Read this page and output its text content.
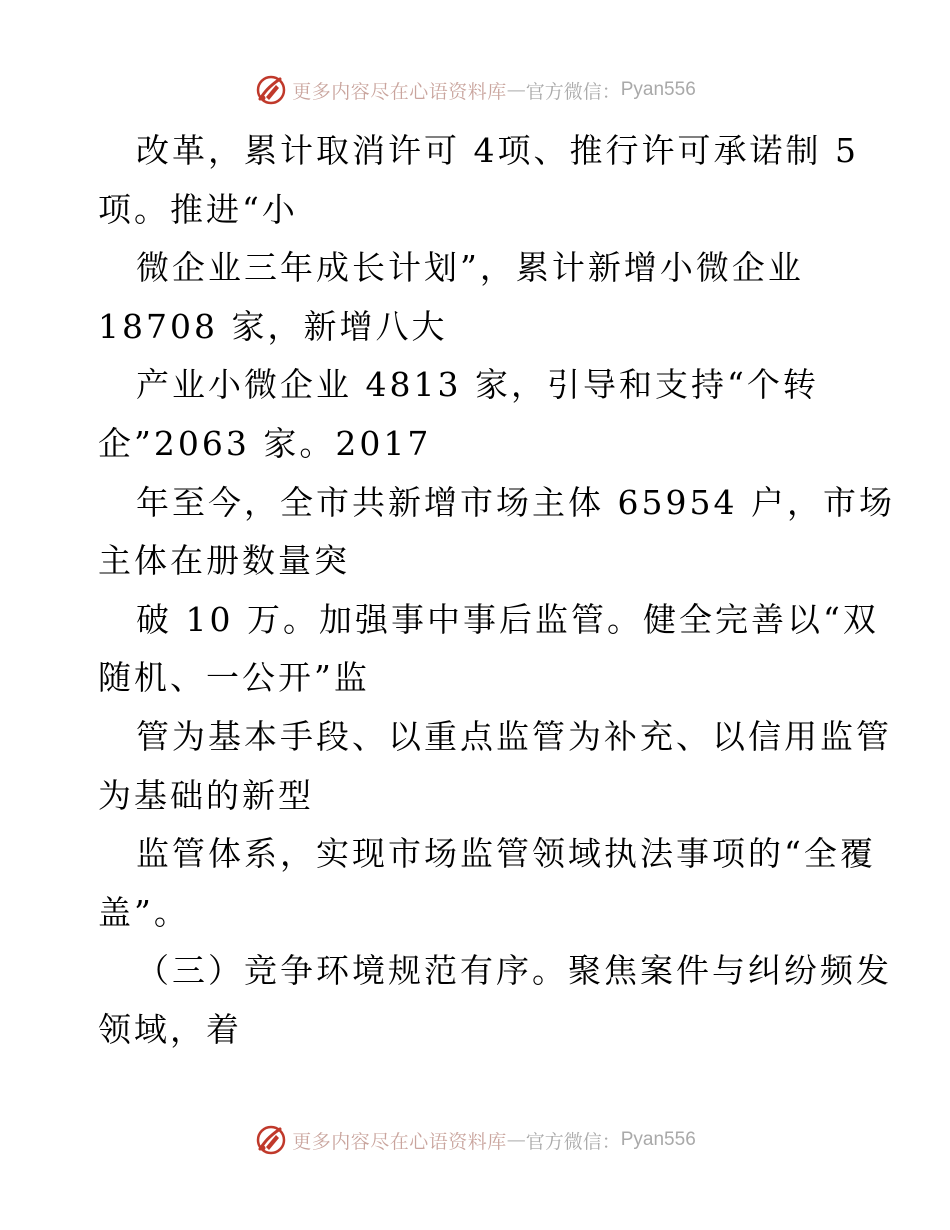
更多内容尽在心语资料库 — 官方微信： Pyan556
改革，累计取消许可 4项、推行许可承诺制 5
项。推进“小
微企业三年成长计划”，累计新增小微企业
18708 家，新增八大
产业小微企业 4813 家，引导和支持“个转
企”2063 家。2017
年至今，全市共新增市场主体 65954 户，市场
主体在册数量突
破 10 万。加强事中事后监管。健全完善以“双
随机、一公开”监
管为基本手段、以重点监管为补充、以信用监管
为基础的新型
监管体系，实现市场监管领域执法事项的“全覆
盖”。
（三）竞争环境规范有序。聚焦案件与纠纷频发
领域，着
更多内容尽在心语资料库 — 官方微信： Pyan556
